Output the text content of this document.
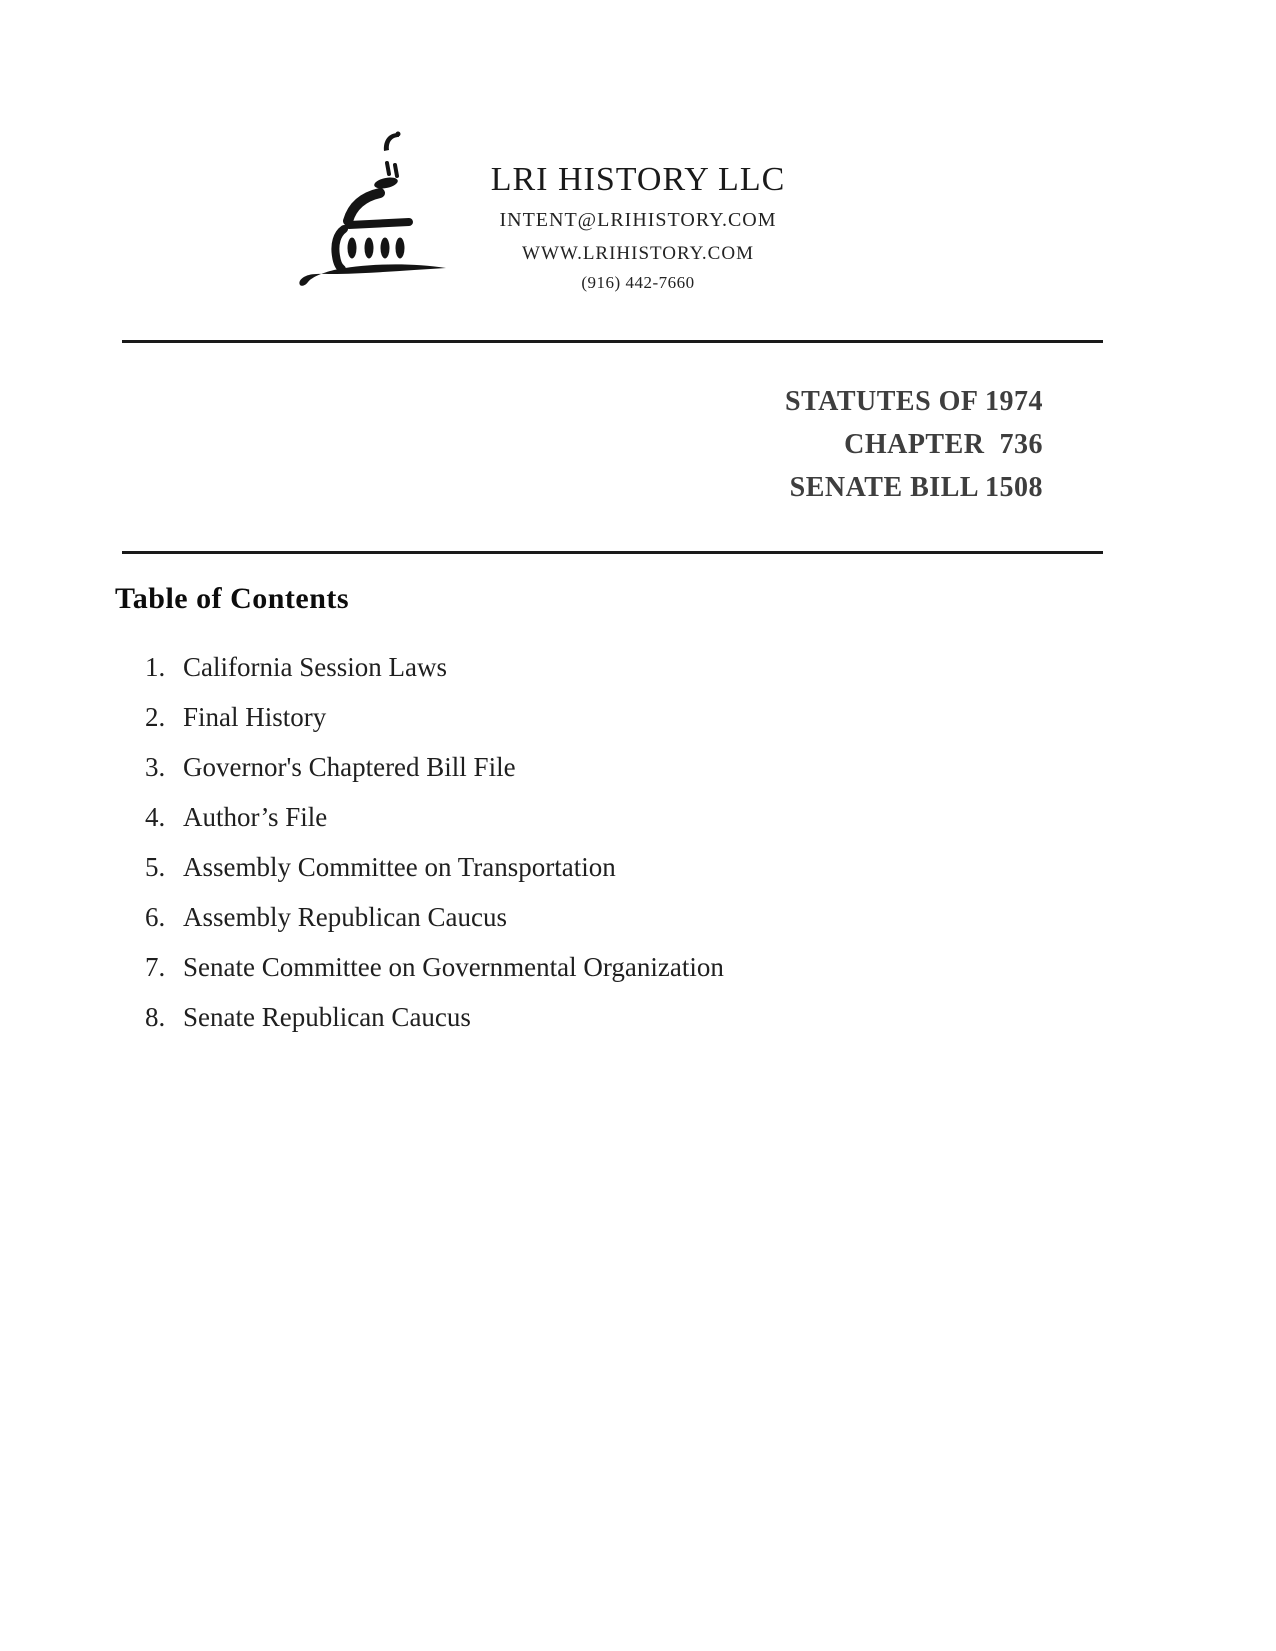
LRI HISTORY LLC
INTENT@LRIHISTORY.COM
WWW.LRIHISTORY.COM
(916) 442-7660
STATUTES OF 1974
CHAPTER  736
SENATE BILL 1508
Table of Contents
1. California Session Laws
2. Final History
3. Governor's Chaptered Bill File
4. Author’s File
5. Assembly Committee on Transportation
6. Assembly Republican Caucus
7. Senate Committee on Governmental Organization
8. Senate Republican Caucus
